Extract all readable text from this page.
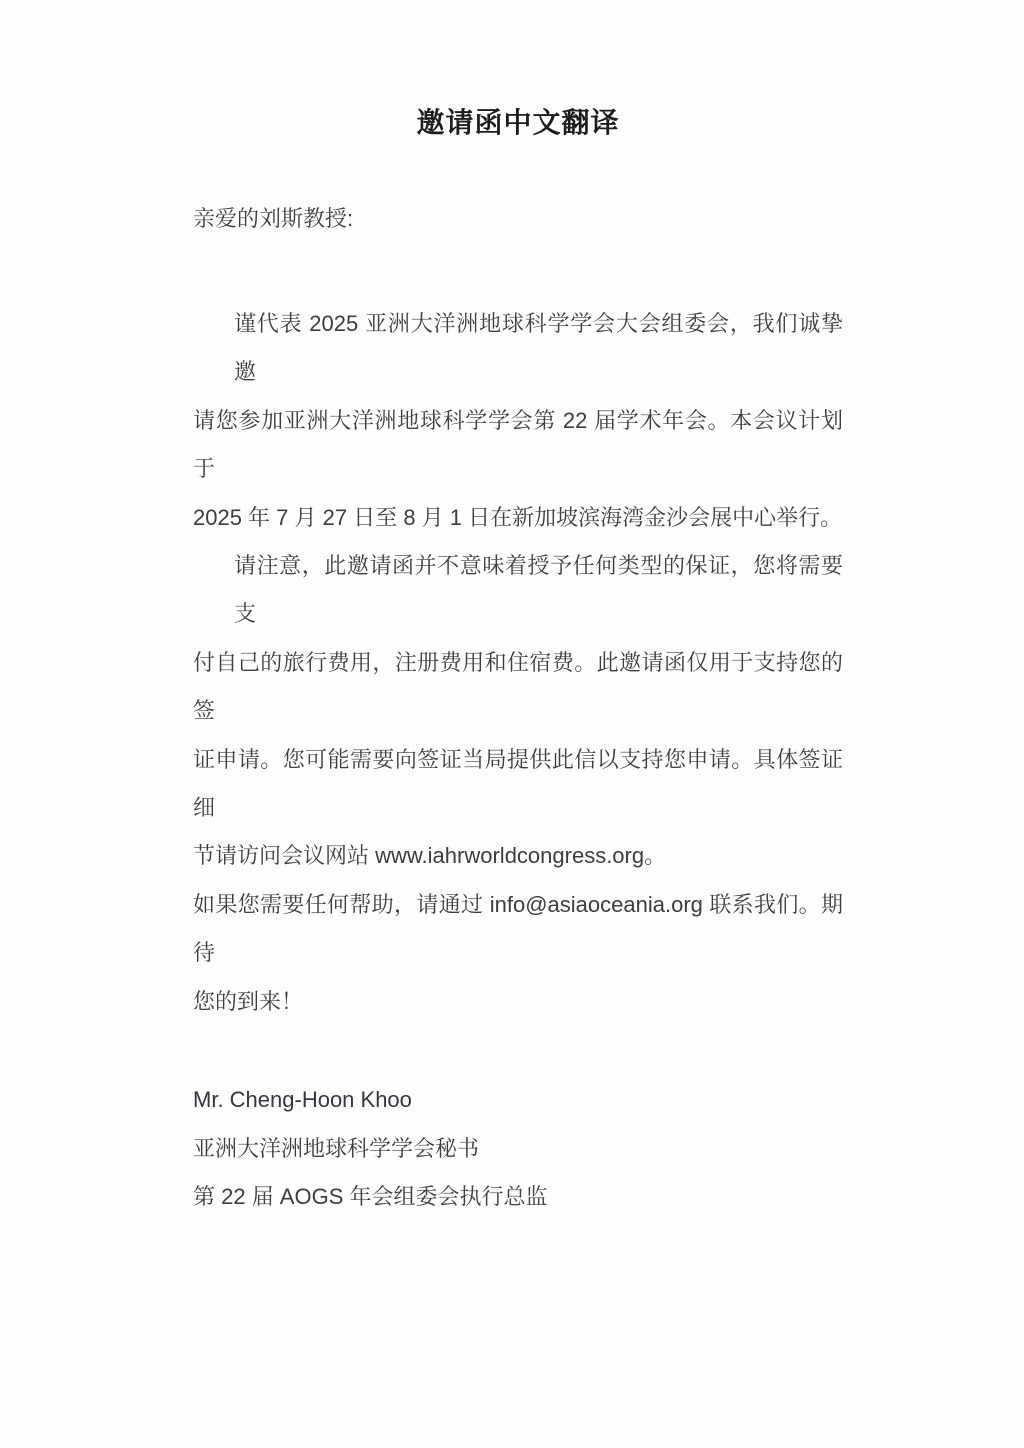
邀请函中文翻译
亲爱的刘斯教授:
谨代表 2025 亚洲大洋洲地球科学学会大会组委会，我们诚挚邀
请您参加亚洲大洋洲地球科学学会第 22 届学术年会。本会议计划于
2025 年 7 月 27 日至 8 月 1 日在新加坡滨海湾金沙会展中心举行。
请注意，此邀请函并不意味着授予任何类型的保证，您将需要支
付自己的旅行费用，注册费用和住宿费。此邀请函仅用于支持您的签
证申请。您可能需要向签证当局提供此信以支持您申请。具体签证细
节请访问会议网站 www.iahrworldcongress.org。
如果您需要任何帮助，请通过 info@asiaoceania.org 联系我们。期待
您的到来！
Mr. Cheng-Hoon Khoo
亚洲大洋洲地球科学学会秘书
第 22 届 AOGS 年会组委会执行总监
